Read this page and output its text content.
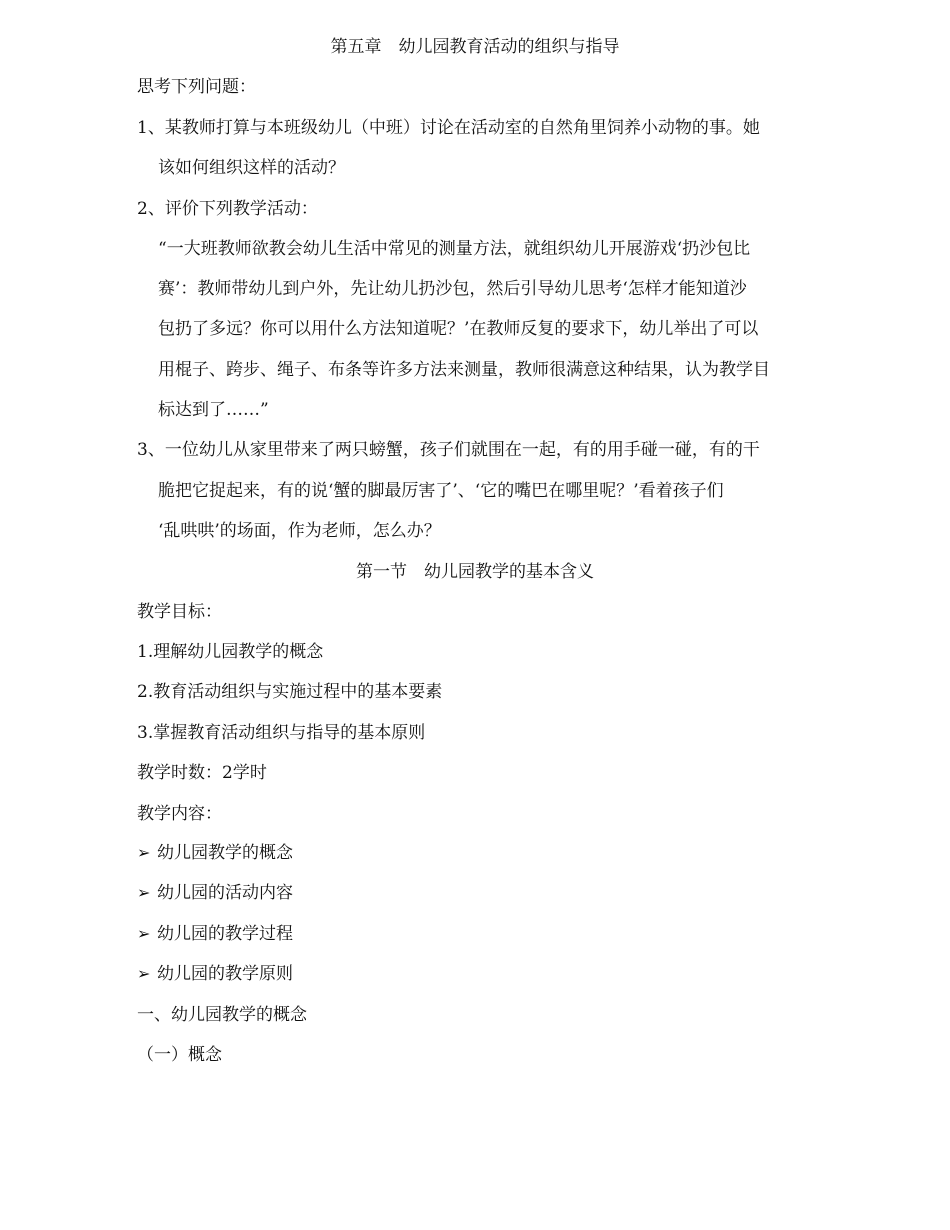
第五章　幼儿园教育活动的组织与指导
思考下列问题：
1、某教师打算与本班级幼儿（中班）讨论在活动室的自然角里饲养小动物的事。她
该如何组织这样的活动？
2、评价下列教学活动：
“一大班教师欲教会幼儿生活中常见的测量方法，就组织幼儿开展游戏‘扔沙包比
赛’：教师带幼儿到户外，先让幼儿扔沙包，然后引导幼儿思考‘怎样才能知道沙
包扔了多远？你可以用什么方法知道呢？’在教师反复的要求下，幼儿举出了可以
用棍子、跨步、绳子、布条等许多方法来测量，教师很满意这种结果，认为教学目
标达到了……”
3、一位幼儿从家里带来了两只螃蟹，孩子们就围在一起，有的用手碰一碰，有的干
脆把它捉起来，有的说‘蟹的脚最厉害了’、‘它的嘴巴在哪里呢？’看着孩子们
‘乱哄哄’的场面，作为老师，怎么办？
第一节　幼儿园教学的基本含义
教学目标：
1.理解幼儿园教学的概念
2.教育活动组织与实施过程中的基本要素
3.掌握教育活动组织与指导的基本原则
教学时数：2学时
教学内容：
➢ 幼儿园教学的概念
➢ 幼儿园的活动内容
➢ 幼儿园的教学过程
➢ 幼儿园的教学原则
一、幼儿园教学的概念
（一）概念
